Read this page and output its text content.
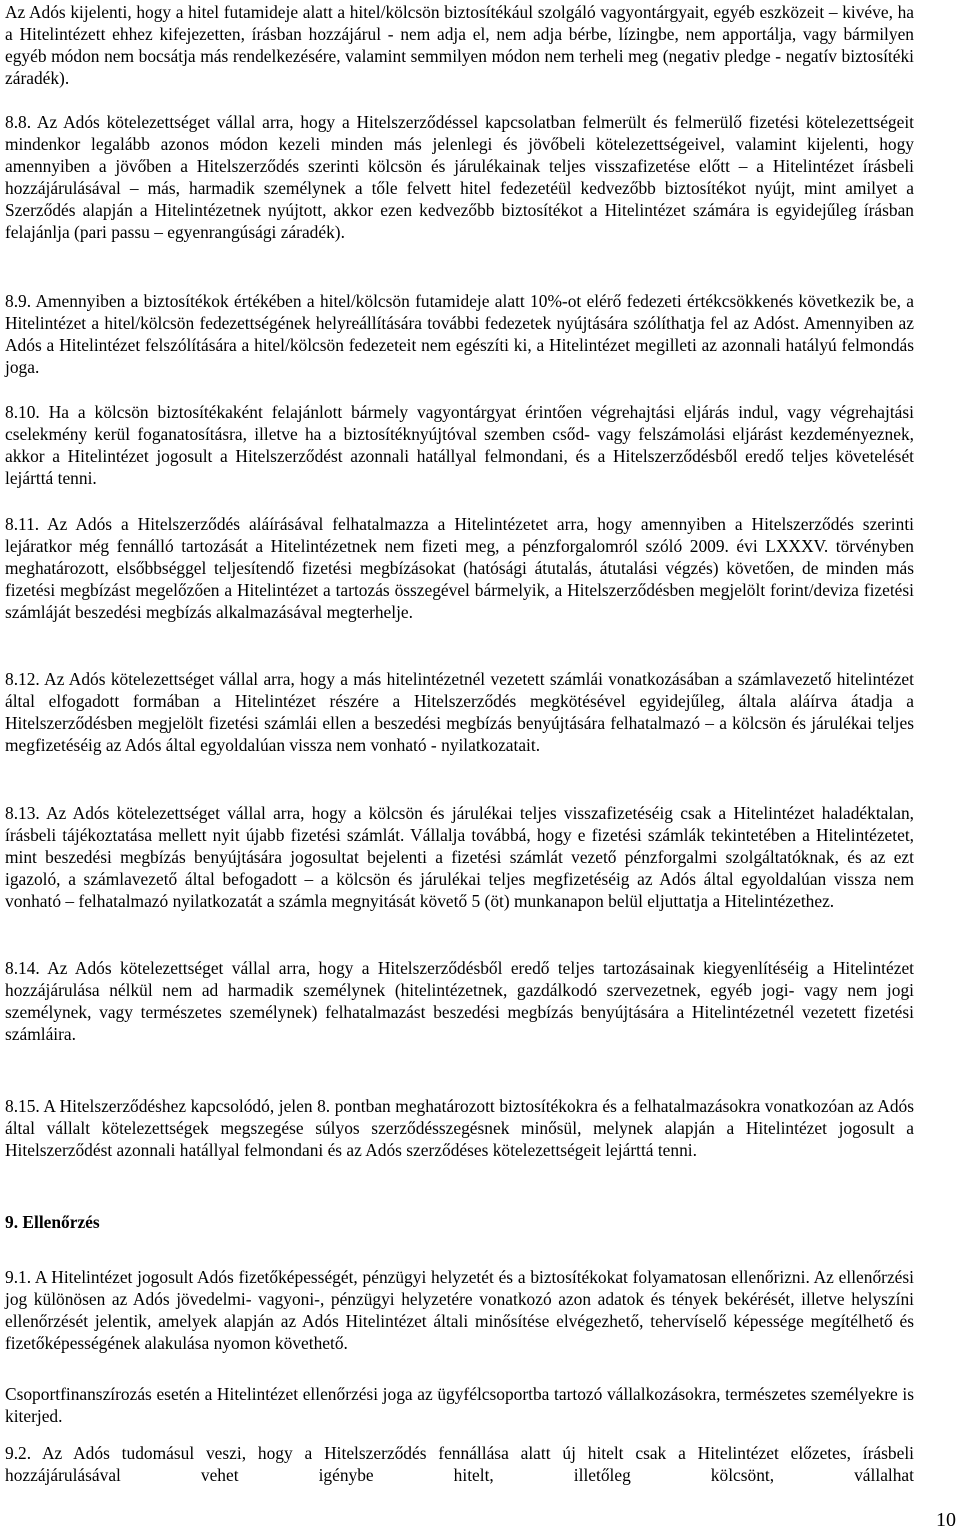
Az Adós kijelenti, hogy a hitel futamideje alatt a hitel/kölcsön biztosítékául szolgáló vagyontárgyait, egyéb eszközeit – kivéve, ha a Hitelintézett ehhez kifejezetten, írásban hozzájárul - nem adja el, nem adja bérbe, lízingbe, nem apportálja, vagy bármilyen egyéb módon nem bocsátja más rendelkezésére, valamint semmilyen módon nem terheli meg (negativ pledge - negatív biztosítéki záradék).

8.8. Az Adós kötelezettséget vállal arra, hogy a Hitelszerződéssel kapcsolatban felmerült és felmerülő fizetési kötelezettségeit mindenkor legalább azonos módon kezeli minden más jelenlegi és jövőbeli kötelezettségeivel, valamint kijelenti, hogy amennyiben a jövőben a Hitelszerződés szerinti kölcsön és járulékainak teljes visszafizetése előtt – a Hitelintézet írásbeli hozzájárulásával – más, harmadik személynek a tőle felvett hitel fedezetéül kedvezőbb biztosítékot nyújt, mint amilyet a Szerződés alapján a Hitelintézetnek nyújtott, akkor ezen kedvezőbb biztosítékot a Hitelintézet számára is egyidejűleg írásban felajánlja (pari passu – egyenrangúsági záradék).

8.9. Amennyiben a biztosítékok értékében a hitel/kölcsön futamideje alatt 10%-ot elérő fedezeti értékcsökkenés következik be, a Hitelintézet a hitel/kölcsön fedezettségének helyreállítására további fedezetek nyújtására szólíthatja fel az Adóst. Amennyiben az Adós a Hitelintézet felszólítására a hitel/kölcsön fedezeteit nem egészíti ki, a Hitelintézet megilleti az azonnali hatályú felmondás joga.

8.10. Ha a kölcsön biztosítékaként felajánlott bármely vagyontárgyat érintően végrehajtási eljárás indul, vagy végrehajtási cselekmény kerül foganatosításra, illetve ha a biztosítéknyújtóval szemben csőd- vagy felszámolási eljárást kezdeményeznek, akkor a Hitelintézet jogosult a Hitelszerződést azonnali hatállyal felmondani, és a Hitelszerződésből eredő teljes követelését lejárttá tenni.

8.11. Az Adós a Hitelszerződés aláírásával felhatalmazza a Hitelintézetet arra, hogy amennyiben a Hitelszerződés szerinti lejáratkor még fennálló tartozását a Hitelintézetnek nem fizeti meg, a pénzforgalomról szóló 2009. évi LXXXV. törvényben meghatározott, elsőbbséggel teljesítendő fizetési megbízásokat (hatósági átutalás, átutalási végzés) követően, de minden más fizetési megbízást megelőzően a Hitelintézet a tartozás összegével bármelyik, a Hitelszerződésben megjelölt forint/deviza fizetési számláját beszedési megbízás alkalmazásával megterhelje.

8.12. Az Adós kötelezettséget vállal arra, hogy a más hitelintézetnél vezetett számlái vonatkozásában a számlavezető hitelintézet által elfogadott formában a Hitelintézet részére a Hitelszerződés megkötésével egyidejűleg, általa aláírva átadja a Hitelszerződésben megjelölt fizetési számlái ellen a beszedési megbízás benyújtására felhatalmazó – a kölcsön és járulékai teljes megfizetéséig az Adós által egyoldalúan vissza nem vonható - nyilatkozatait.

8.13. Az Adós kötelezettséget vállal arra, hogy a kölcsön és járulékai teljes visszafizetéséig csak a Hitelintézet haladéktalan, írásbeli tájékoztatása mellett nyit újabb fizetési számlát. Vállalja továbbá, hogy e fizetési számlák tekintetében a Hitelintézetet, mint beszedési megbízás benyújtására jogosultat bejelenti a fizetési számlát vezető pénzforgalmi szolgáltatóknak, és az ezt igazoló, a számlavezető által befogadott – a kölcsön és járulékai teljes megfizetéséig az Adós által egyoldalúan vissza nem vonható – felhatalmazó nyilatkozatát a számla megnyitását követő 5 (öt) munkanapon belül eljuttatja a Hitelintézethez.

8.14. Az Adós kötelezettséget vállal arra, hogy a Hitelszerződésből eredő teljes tartozásainak kiegyenlítéséig a Hitelintézet hozzájárulása nélkül nem ad harmadik személynek (hitelintézetnek, gazdálkodó szervezetnek, egyéb jogi- vagy nem jogi személynek, vagy természetes személynek) felhatalmazást beszedési megbízás benyújtására a Hitelintézetnél vezetett fizetési számláira.

8.15. A Hitelszerződéshez kapcsolódó, jelen 8. pontban meghatározott biztosítékokra és a felhatalmazásokra vonatkozóan az Adós által vállalt kötelezettségek megszegése súlyos szerződésszegésnek minősül, melynek alapján a Hitelintézet jogosult a Hitelszerződést azonnali hatállyal felmondani és az Adós szerződéses kötelezettségeit lejárttá tenni.

9. Ellenőrzés

9.1. A Hitelintézet jogosult Adós fizetőképességét, pénzügyi helyzetét és a biztosítékokat folyamatosan ellenőrizni. Az ellenőrzési jog különösen az Adós jövedelmi- vagyoni-, pénzügyi helyzetére vonatkozó azon adatok és tények bekérését, illetve helyszíni ellenőrzését jelentik, amelyek alapján az Adós Hitelintézet általi minősítése elvégezhető, tehervíselő képessége megítélhető és fizetőképességének alakulása nyomon követhető.

Csoportfinanszírozás esetén a Hitelintézet ellenőrzési joga az ügyfélcsoportba tartozó vállalkozásokra, természetes személyekre is kiterjed.

9.2. Az Adós tudomásul veszi, hogy a Hitelszerződés fennállása alatt új hitelt csak a Hitelintézet előzetes, írásbeli hozzájárulásával vehet igénybe hitelt, illetőleg kölcsönt, vállalhat

10
